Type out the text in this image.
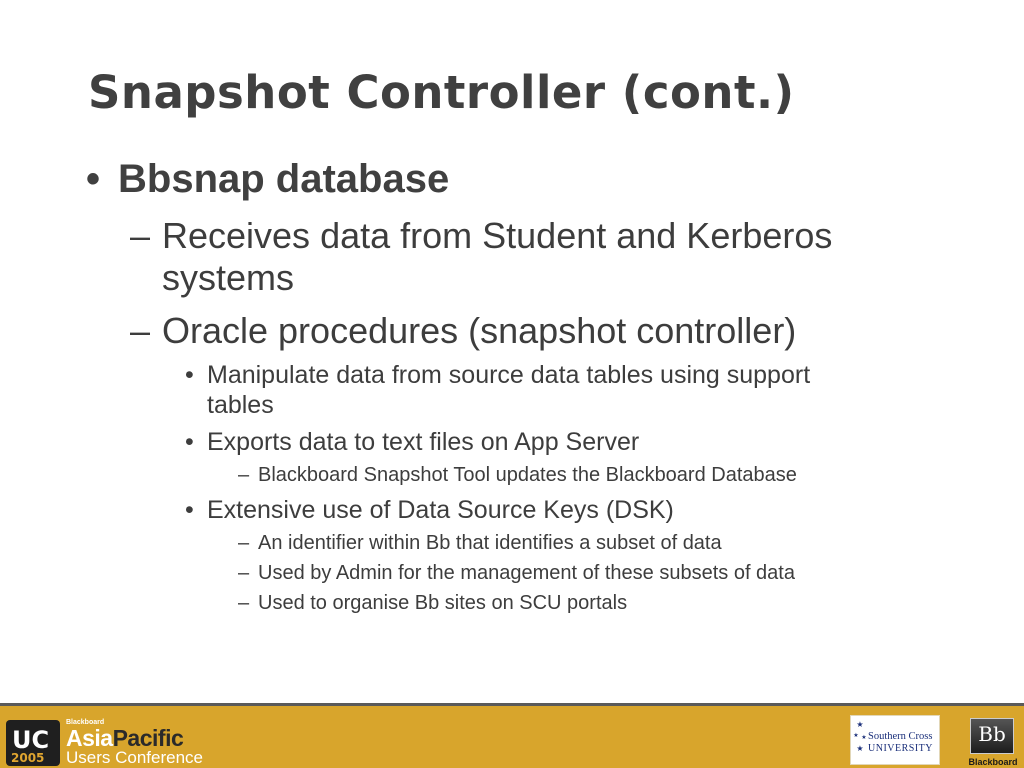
Snapshot Controller (cont.)
• Bbsnap database
– Receives data from Student and Kerberos
systems
– Oracle procedures (snapshot controller)
• Manipulate data from source data tables using support
tables
• Exports data to text files on App Server
– Blackboard Snapshot Tool updates the Blackboard Database
• Extensive use of Data Source Keys (DSK)
– An identifier within Bb that identifies a subset of data
– Used by Admin for the management of these subsets of data
– Used to organise Bb sites on SCU portals
UC
2005
Blackboard
AsiaPacific
Users Conference
★
★ ★
★
Southern Cross
UNIVERSITY
Bb
Blackboard
